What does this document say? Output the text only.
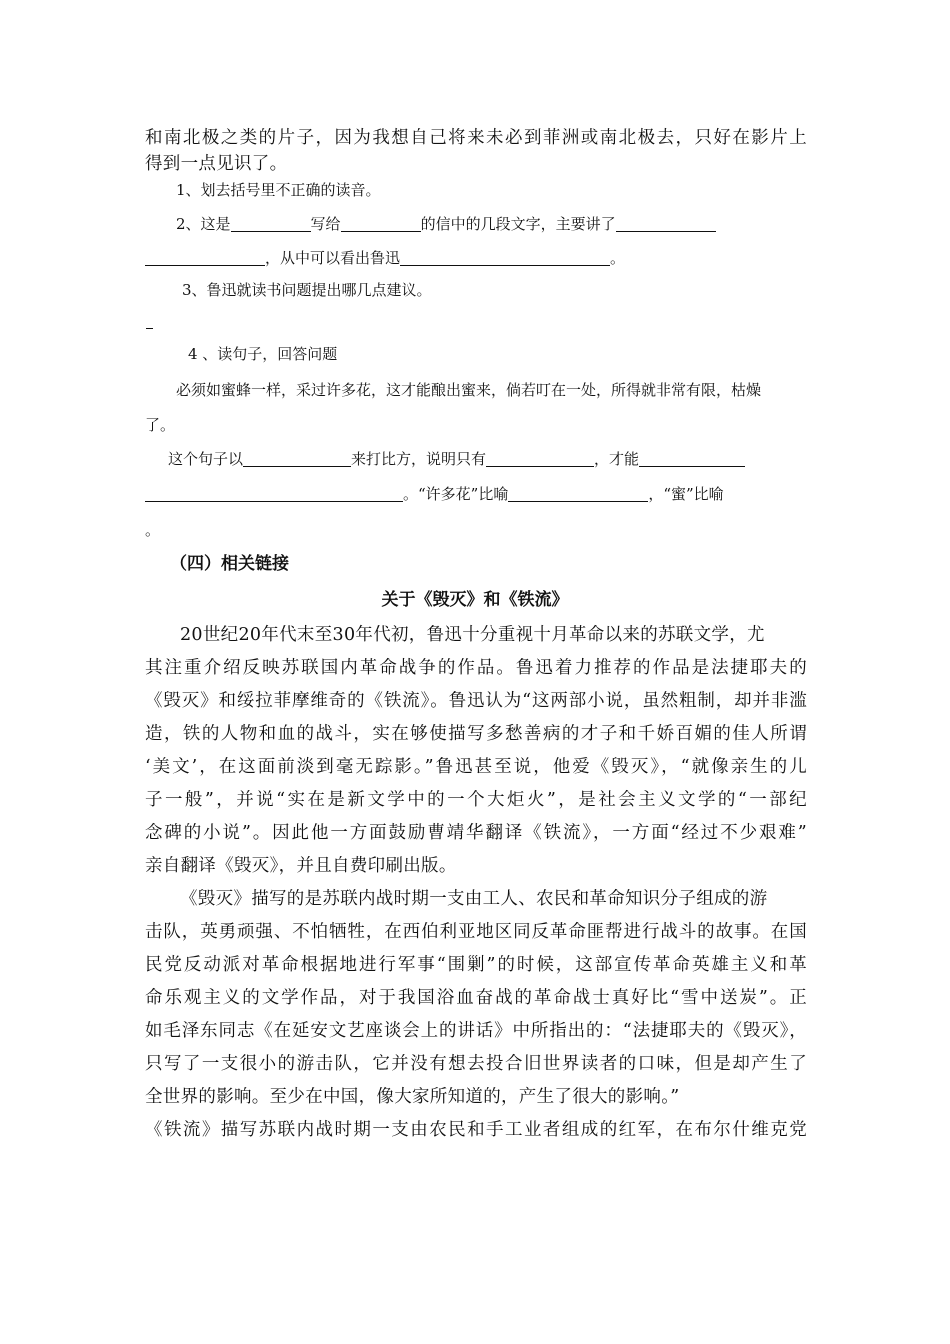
和南北极之类的片子，因为我想自己将来未必到菲洲或南北极去，只好在影片上
得到一点见识了。
1、划去括号里不正确的读音。
2、这是	写给	的信中的几段文字，主要讲了
，从中可以看出鲁迅	。
3、鲁迅就读书问题提出哪几点建议。
4 、读句子，回答问题
必须如蜜蜂一样，采过许多花，这才能酿出蜜来，倘若叮在一处，所得就非常有限，枯燥
了。
这个句子以	来打比方，说明只有	，才能
。“许多花”比喻	，“蜜”比喻
。
（四）相关链接
关于《毁灭》和《铁流》
20世纪20年代末至30年代初，鲁迅十分重视十月革命以来的苏联文学，尤
其注重介绍反映苏联国内革命战争的作品。鲁迅着力推荐的作品是法捷耶夫的
《毁灭》和绥拉菲摩维奇的《铁流》。鲁迅认为“这两部小说，虽然粗制，却并非滥
造，铁的人物和血的战斗，实在够使描写多愁善病的才子和千娇百媚的佳人所谓
‘美文’，在这面前淡到毫无踪影。”鲁迅甚至说，他爱《毁灭》，“就像亲生的儿
子一般”，并说“实在是新文学中的一个大炬火”，是社会主义文学的“一部纪
念碑的小说”。因此他一方面鼓励曹靖华翻译《铁流》，一方面“经过不少艰难”
亲自翻译《毁灭》，并且自费印刷出版。
《毁灭》描写的是苏联内战时期一支由工人、农民和革命知识分子组成的游
击队，英勇顽强、不怕牺牲，在西伯利亚地区同反革命匪帮进行战斗的故事。在国
民党反动派对革命根据地进行军事“围剿”的时候，这部宣传革命英雄主义和革
命乐观主义的文学作品，对于我国浴血奋战的革命战士真好比“雪中送炭”。正
如毛泽东同志《在延安文艺座谈会上的讲话》中所指出的：“法捷耶夫的《毁灭》，
只写了一支很小的游击队，它并没有想去投合旧世界读者的口味，但是却产生了
全世界的影响。至少在中国，像大家所知道的，产生了很大的影响。”
《铁流》描写苏联内战时期一支由农民和手工业者组成的红军，在布尔什维克党
